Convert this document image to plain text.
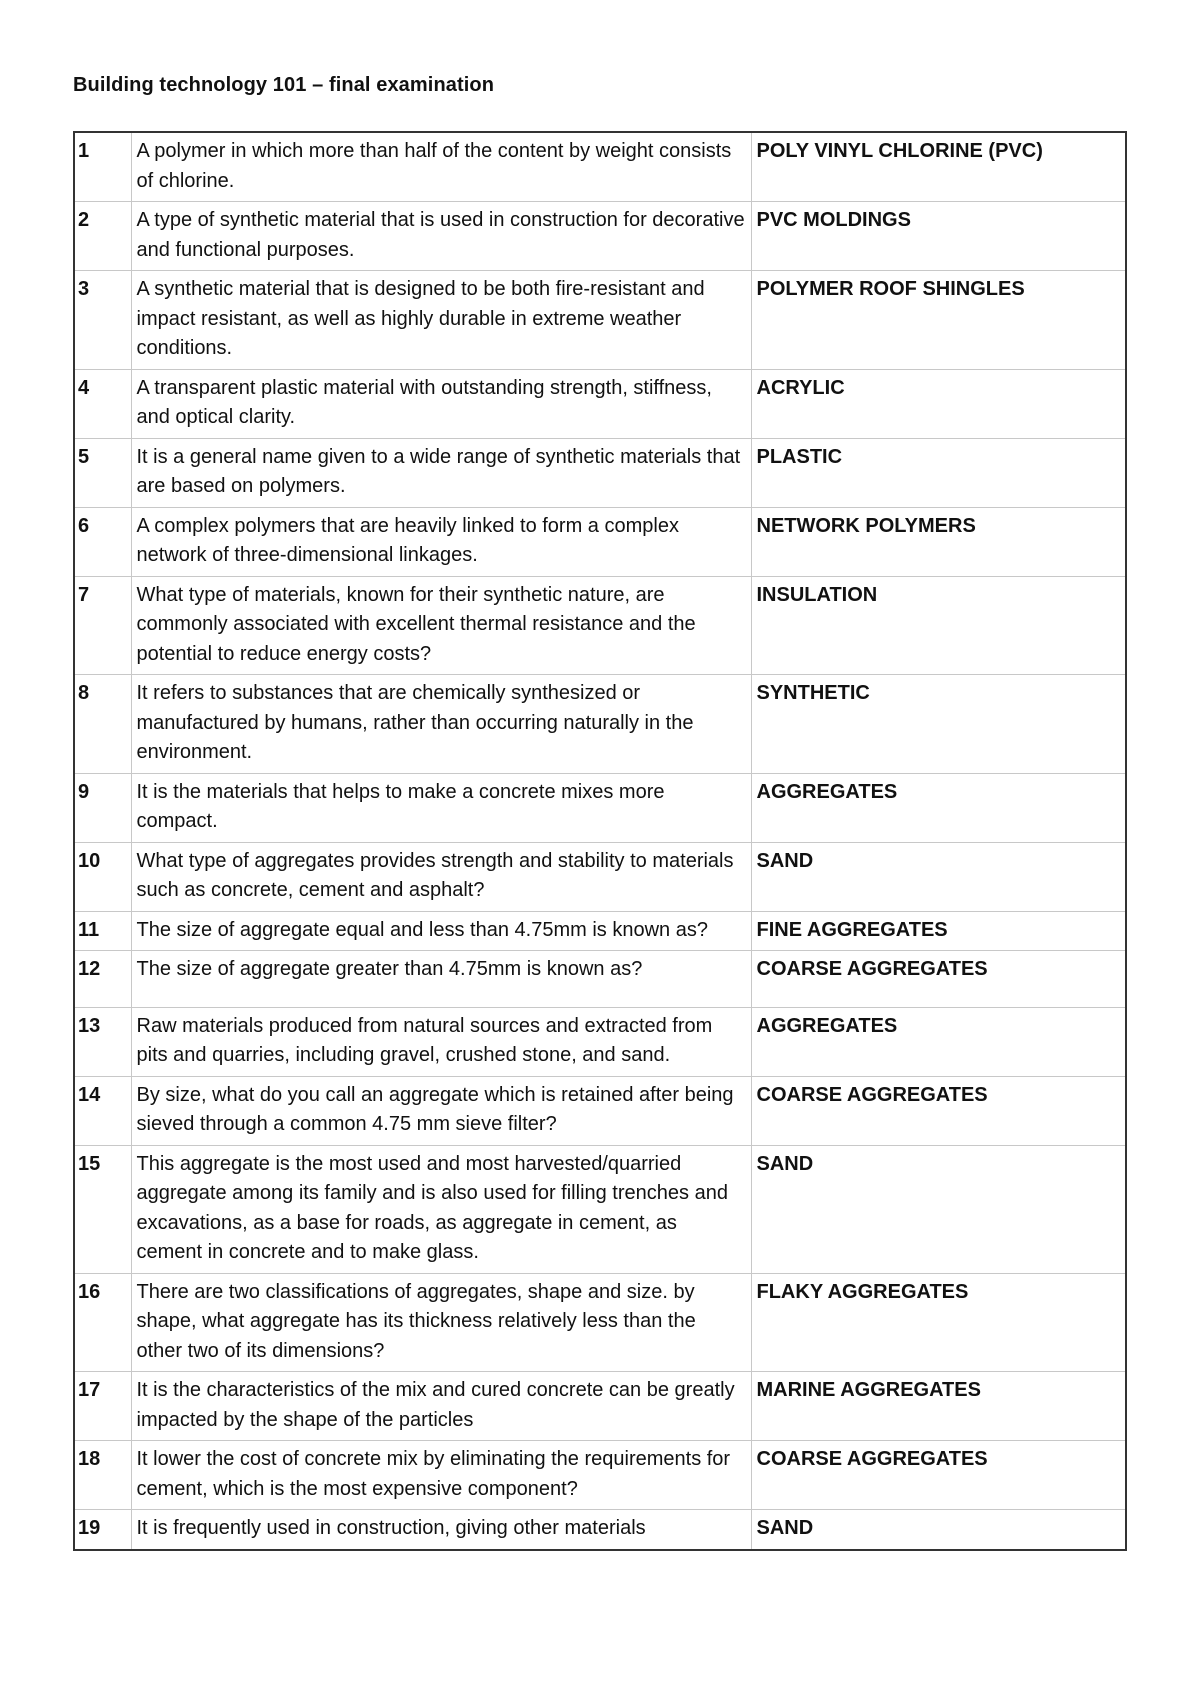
Building technology 101 – final examination
1	A polymer in which more than half of the content by weight consists of chlorine.	POLY VINYL CHLORINE (PVC)
2	A type of synthetic material that is used in construction for decorative and functional purposes.	PVC MOLDINGS
3	A synthetic material that is designed to be both fire-resistant and impact resistant, as well as highly durable in extreme weather conditions.	POLYMER ROOF SHINGLES
4	A transparent plastic material with outstanding strength, stiffness, and optical clarity.	ACRYLIC
5	It is a general name given to a wide range of synthetic materials that are based on polymers.	PLASTIC
6	A complex polymers that are heavily linked to form a complex network of three-dimensional linkages.	NETWORK POLYMERS
7	What type of materials, known for their synthetic nature, are commonly associated with excellent thermal resistance and the potential to reduce energy costs?	INSULATION
8	It refers to substances that are chemically synthesized or manufactured by humans, rather than occurring naturally in the environment.	SYNTHETIC
9	It is the materials that helps to make a concrete mixes more compact.	AGGREGATES
10	What type of aggregates provides strength and stability to materials such as concrete, cement and asphalt?	SAND
11	The size of aggregate equal and less than 4.75mm is known as?	FINE AGGREGATES
12	The size of aggregate greater than 4.75mm is known as?	COARSE AGGREGATES
13	Raw materials produced from natural sources and extracted from pits and quarries, including gravel, crushed stone, and sand.	AGGREGATES
14	By size, what do you call an aggregate which is retained after being sieved through a common 4.75 mm sieve filter?	COARSE AGGREGATES
15	This aggregate is the most used and most harvested/quarried aggregate among its family and is also used for filling trenches and excavations, as a base for roads, as aggregate in cement, as cement in concrete and to make glass.	SAND
16	There are two classifications of aggregates, shape and size. by shape, what aggregate has its thickness relatively less than the other two of its dimensions?	FLAKY AGGREGATES
17	It is the characteristics of the mix and cured concrete can be greatly impacted by the shape of the particles	MARINE AGGREGATES
18	It lower the cost of concrete mix by eliminating the requirements for cement, which is the most expensive component?	COARSE AGGREGATES
19	It is frequently used in construction, giving other materials	SAND
